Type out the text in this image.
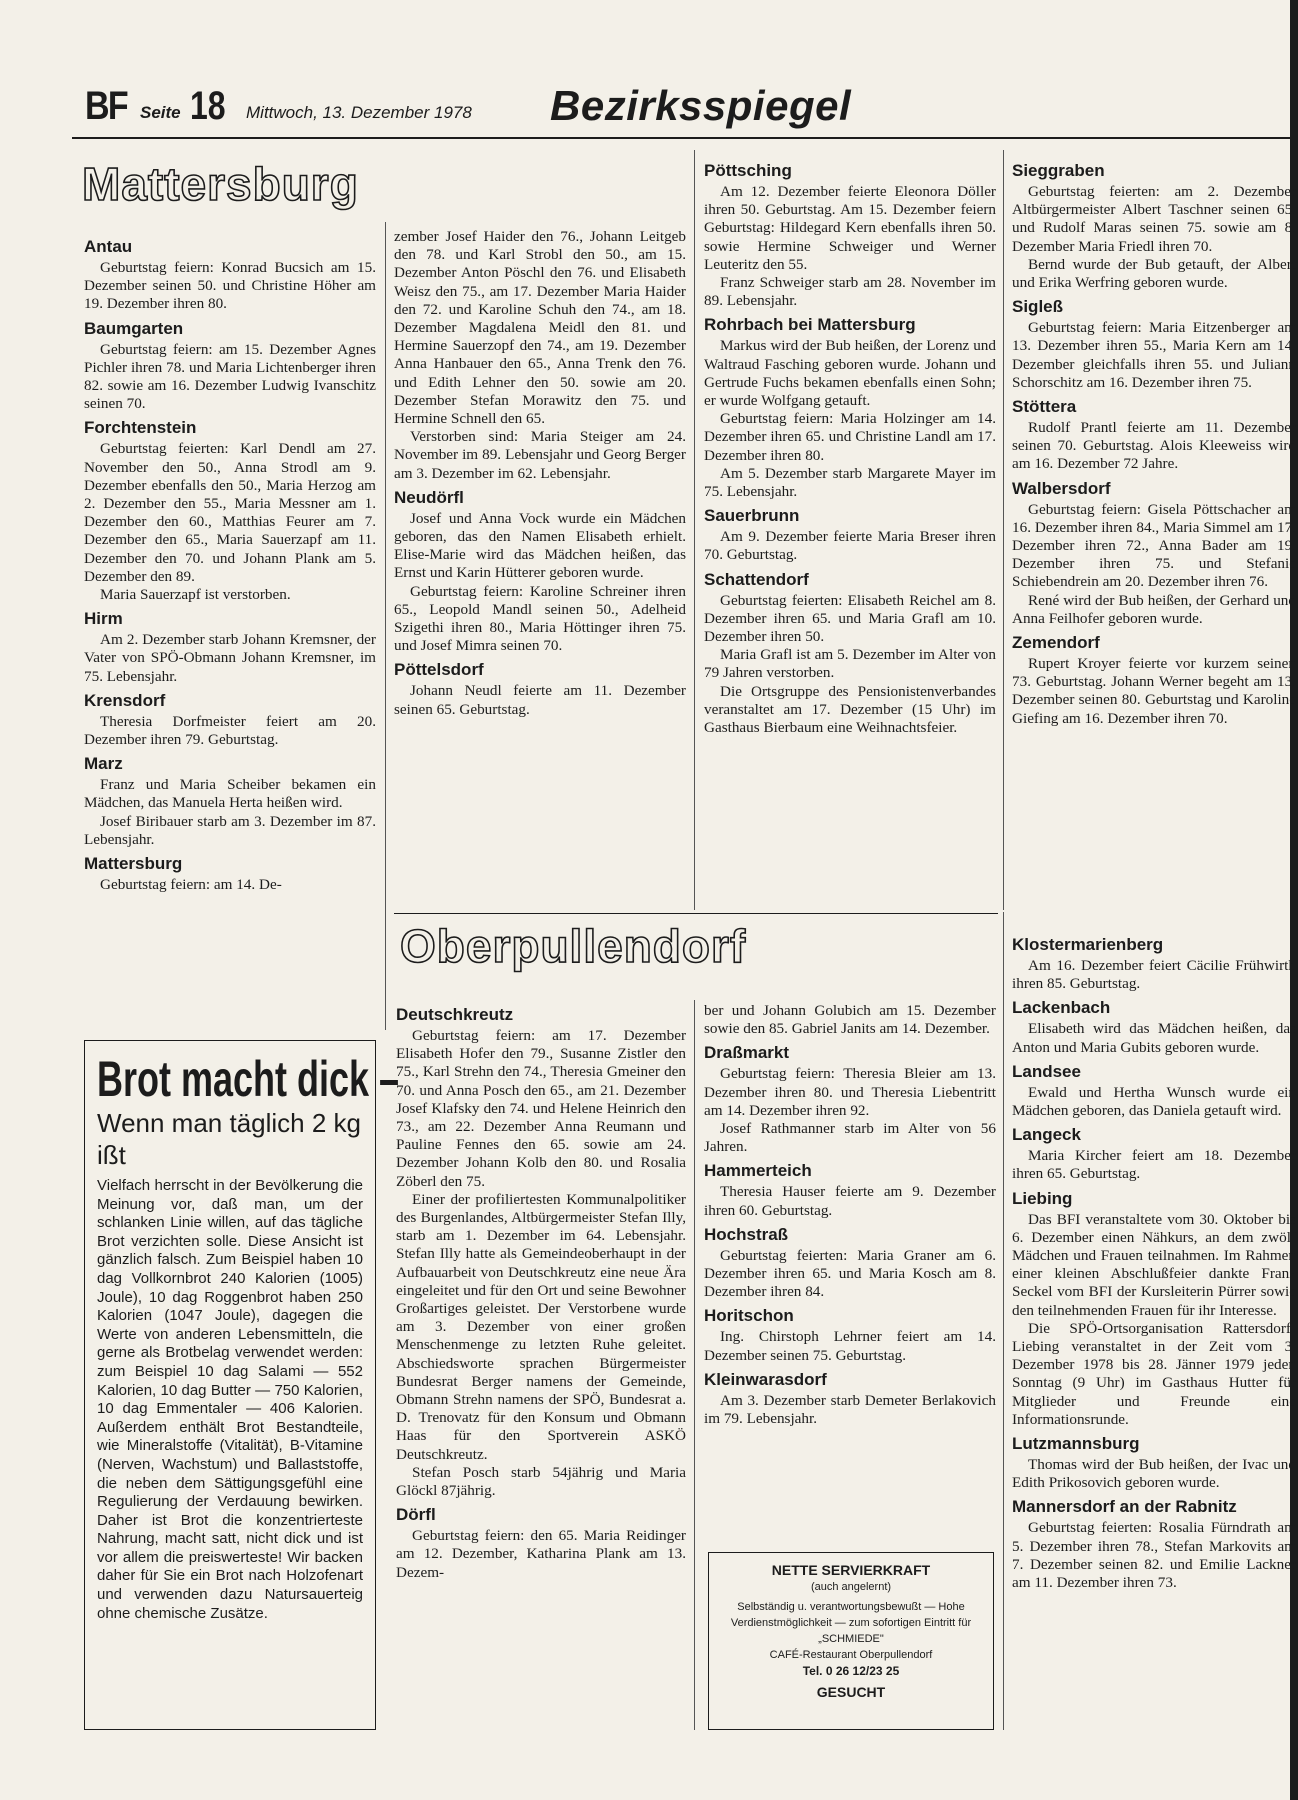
BF Seite 18 Mittwoch, 13. Dezember 1978 Bezirksspiegel
Mattersburg
Antau

Geburtstag feiern: Konrad Bucsich am 15. Dezember seinen 50. und Christine Höher am 19. Dezember ihren 80.

Baumgarten

Geburtstag feiern: am 15. Dezember Agnes Pichler ihren 78. und Maria Lichtenberger ihren 82. sowie am 16. Dezember Ludwig Ivanschitz seinen 70.

Forchtenstein

Geburtstag feierten: Karl Dendl am 27. November den 50., Anna Strodl am 9. Dezember ebenfalls den 50., Maria Herzog am 2. Dezember den 55., Maria Messner am 1. Dezember den 60., Matthias Feurer am 7. Dezember den 65., Maria Sauerzapf am 11. Dezember den 70. und Johann Plank am 5. Dezember den 89.

Maria Sauerzapf ist verstorben.

Hirm

Am 2. Dezember starb Johann Kremsner, der Vater von SPÖ-Obmann Johann Kremsner, im 75. Lebensjahr.

Krensdorf

Theresia Dorfmeister feiert am 20. Dezember ihren 79. Geburtstag.

Marz

Franz und Maria Scheiber bekamen ein Mädchen, das Manuela Herta heißen wird.

Josef Biribauer starb am 3. Dezember im 87. Lebensjahr.

Mattersburg

Geburtstag feiern: am 14. De-

zember Josef Haider den 76., Johann Leitgeb den 78. und Karl Strobl den 50., am 15. Dezember Anton Pöschl den 76. und Elisabeth Weisz den 75., am 17. Dezember Maria Haider den 72. und Karoline Schuh den 74., am 18. Dezember Magdalena Meidl den 81. und Hermine Sauerzopf den 74., am 19. Dezember Anna Hanbauer den 65., Anna Trenk den 76. und Edith Lehner den 50. sowie am 20. Dezember Stefan Morawitz den 75. und Hermine Schnell den 65.

Verstorben sind: Maria Steiger am 24. November im 89. Lebensjahr und Georg Berger am 3. Dezember im 62. Lebensjahr.

Neudörfl

Josef und Anna Vock wurde ein Mädchen geboren, das den Namen Elisabeth erhielt. Elise-Marie wird das Mädchen heißen, das Ernst und Karin Hütterer geboren wurde.

Geburtstag feiern: Karoline Schreiner ihren 65., Leopold Mandl seinen 50., Adelheid Szigethi ihren 80., Maria Höttinger ihren 75. und Josef Mimra seinen 70.

Pöttelsdorf

Johann Neudl feierte am 11. Dezember seinen 65. Geburtstag.

Pöttsching

Am 12. Dezember feierte Eleonora Döller ihren 50. Geburtstag. Am 15. Dezember feiern Geburtstag: Hildegard Kern ebenfalls ihren 50. sowie Hermine Schweiger und Werner Leuteritz den 55.

Franz Schweiger starb am 28. November im 89. Lebensjahr.

Rohrbach bei Mattersburg

Markus wird der Bub heißen, der Lorenz und Waltraud Fasching geboren wurde. Johann und Gertrude Fuchs bekamen ebenfalls einen Sohn; er wurde Wolfgang getauft.

Geburtstag feiern: Maria Holzinger am 14. Dezember ihren 65. und Christine Landl am 17. Dezember ihren 80.

Am 5. Dezember starb Margarete Mayer im 75. Lebensjahr.

Sauerbrunn

Am 9. Dezember feierte Maria Breser ihren 70. Geburtstag.

Schattendorf

Geburtstag feierten: Elisabeth Reichel am 8. Dezember ihren 65. und Maria Grafl am 10. Dezember ihren 50.

Maria Grafl ist am 5. Dezember im Alter von 79 Jahren verstorben.

Die Ortsgruppe des Pensionistenverbandes veranstaltet am 17. Dezember (15 Uhr) im Gasthaus Bierbaum eine Weihnachtsfeier.

Sieggraben

Geburtstag feierten: am 2. Dezember Altbürgermeister Albert Taschner seinen 65. und Rudolf Maras seinen 75. sowie am 8. Dezember Maria Friedl ihren 70.

Bernd wurde der Bub getauft, der Albert und Erika Werfring geboren wurde.

Sigleß

Geburtstag feiern: Maria Eitzenberger am 13. Dezember ihren 55., Maria Kern am 14. Dezember gleichfalls ihren 55. und Juliann Schorschitz am 16. Dezember ihren 75.

Stöttera

Rudolf Prantl feierte am 11. Dezember seinen 70. Geburtstag. Alois Kleeweiss wird am 16. Dezember 72 Jahre.

Walbersdorf

Geburtstag feiern: Gisela Pöttschacher am 16. Dezember ihren 84., Maria Simmel am 17. Dezember ihren 72., Anna Bader am 19. Dezember ihren 75. und Stefanie Schiebendrein am 20. Dezember ihren 76.

René wird der Bub heißen, der Gerhard und Anna Feilhofer geboren wurde.

Zemendorf

Rupert Kroyer feierte vor kurzem seinen 73. Geburtstag. Johann Werner begeht am 13. Dezember seinen 80. Geburtstag und Karoline Giefing am 16. Dezember ihren 70.

Oberpullendorf
Deutschkreutz

Geburtstag feiern: am 17. Dezember Elisabeth Hofer den 79., Susanne Zistler den 75., Karl Strehn den 74., Theresia Gmeiner den 70. und Anna Posch den 65., am 21. Dezember Josef Klafsky den 74. und Helene Heinrich den 73., am 22. Dezember Anna Reumann und Pauline Fennes den 65. sowie am 24. Dezember Johann Kolb den 80. und Rosalia Zöberl den 75.

Einer der profiliertesten Kommunalpolitiker des Burgenlandes, Altbürgermeister Stefan Illy, starb am 1. Dezember im 64. Lebensjahr. Stefan Illy hatte als Gemeindeoberhaupt in der Aufbauarbeit von Deutschkreutz eine neue Ära eingeleitet und für den Ort und seine Bewohner Großartiges geleistet. Der Verstorbene wurde am 3. Dezember von einer großen Menschenmenge zu letzten Ruhe geleitet. Abschiedsworte sprachen Bürgermeister Bundesrat Berger namens der Gemeinde, Obmann Strehn namens der SPÖ, Bundesrat a. D. Trenovatz für den Konsum und Obmann Haas für den Sportverein ASKÖ Deutschkreutz.

Stefan Posch starb 54jährig und Maria Glöckl 87jährig.

Dörfl

Geburtstag feiern: den 65. Maria Reidinger am 12. Dezember, Katharina Plank am 13. Dezem-

ber und Johann Golubich am 15. Dezember sowie den 85. Gabriel Janits am 14. Dezember.

Draßmarkt

Geburtstag feiern: Theresia Bleier am 13. Dezember ihren 80. und Theresia Liebentritt am 14. Dezember ihren 92.

Josef Rathmanner starb im Alter von 56 Jahren.

Hammerteich

Theresia Hauser feierte am 9. Dezember ihren 60. Geburtstag.

Hochstraß

Geburtstag feierten: Maria Graner am 6. Dezember ihren 65. und Maria Kosch am 8. Dezember ihren 84.

Horitschon

Ing. Chirstoph Lehrner feiert am 14. Dezember seinen 75. Geburtstag.

Kleinwarasdorf

Am 3. Dezember starb Demeter Berlakovich im 79. Lebensjahr.

Klostermarienberg

Am 16. Dezember feiert Cäcilie Frühwirth ihren 85. Geburtstag.

Lackenbach

Elisabeth wird das Mädchen heißen, das Anton und Maria Gubits geboren wurde.

Landsee

Ewald und Hertha Wunsch wurde ein Mädchen geboren, das Daniela getauft wird.

Langeck

Maria Kircher feiert am 18. Dezember ihren 65. Geburtstag.

Liebing

Das BFI veranstaltete vom 30. Oktober bis 6. Dezember einen Nähkurs, an dem zwölf Mädchen und Frauen teilnahmen. Im Rahmen einer kleinen Abschlußfeier dankte Franz Seckel vom BFI der Kursleiterin Pürrer sowie den teilnehmenden Frauen für ihr Interesse.

Die SPÖ-Ortsorganisation Rattersdorf-Liebing veranstaltet in der Zeit vom 3. Dezember 1978 bis 28. Jänner 1979 jeden Sonntag (9 Uhr) im Gasthaus Hutter für Mitglieder und Freunde eine Informationsrunde.

Lutzmannsburg

Thomas wird der Bub heißen, der Ivac und Edith Prikosovich geboren wurde.

Mannersdorf an der Rabnitz

Geburtstag feierten: Rosalia Fürndrath am 5. Dezember ihren 78., Stefan Markovits am 7. Dezember seinen 82. und Emilie Lackner am 11. Dezember ihren 73.

Brot macht dick –
Wenn man täglich 2 kg ißt
Vielfach herrscht in der Bevölkerung die Meinung vor, daß man, um der schlanken Linie willen, auf das tägliche Brot verzichten solle. Diese Ansicht ist gänzlich falsch. Zum Beispiel haben 10 dag Vollkornbrot 240 Kalorien (1005) Joule), 10 dag Roggenbrot haben 250 Kalorien (1047 Joule), dagegen die Werte von anderen Lebensmitteln, die gerne als Brotbelag verwendet werden: zum Beispiel 10 dag Salami — 552 Kalorien, 10 dag Butter — 750 Kalorien, 10 dag Emmentaler — 406 Kalorien. Außerdem enthält Brot Bestandteile, wie Mineralstoffe (Vitalität), B-Vitamine (Nerven, Wachstum) und Ballaststoffe, die neben dem Sättigungsgefühl eine Regulierung der Verdauung bewirken. Daher ist Brot die konzentrierteste Nahrung, macht satt, nicht dick und ist vor allem die preiswerteste! Wir backen daher für Sie ein Brot nach Holzofenart und verwenden dazu Natursauerteig ohne chemische Zusätze.
NETTE SERVIERKRAFT
(auch angelernt)
Selbständig u. verantwortungsbewußt — Hohe Verdienstmöglichkeit — zum sofortigen Eintritt für
„SCHMIEDE"
CAFÉ-Restaurant Oberpullendorf
Tel. 0 26 12/23 25
GESUCHT
